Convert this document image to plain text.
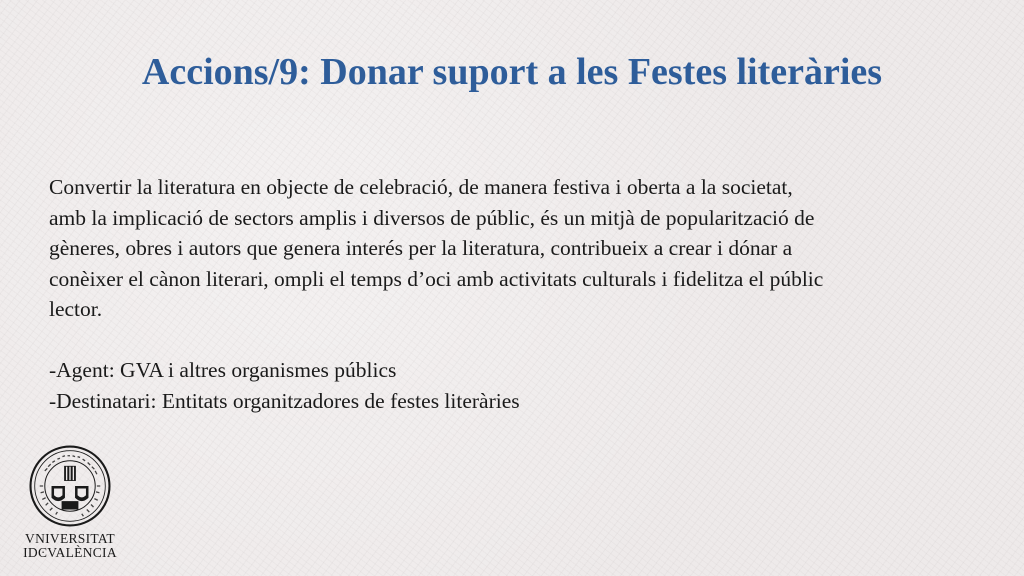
Accions/9: Donar suport a les Festes literàries

Convertir la literatura en objecte de celebració, de manera festiva i oberta a la societat,

amb la implicació de sectors amplis i diversos de públic, és un mitjà de popularització de

gèneres, obres i autors que genera interés per la literatura, contribueix a crear i dónar a

conèixer el cànon literari, ompli el temps d’oci amb activitats culturals i fidelitza el públic

lector.

-Agent: GVA i altres organismes públics

-Destinatari: Entitats organitzadores de festes literàries

VNIVERSITAT
IDϾVALÈNCIA
